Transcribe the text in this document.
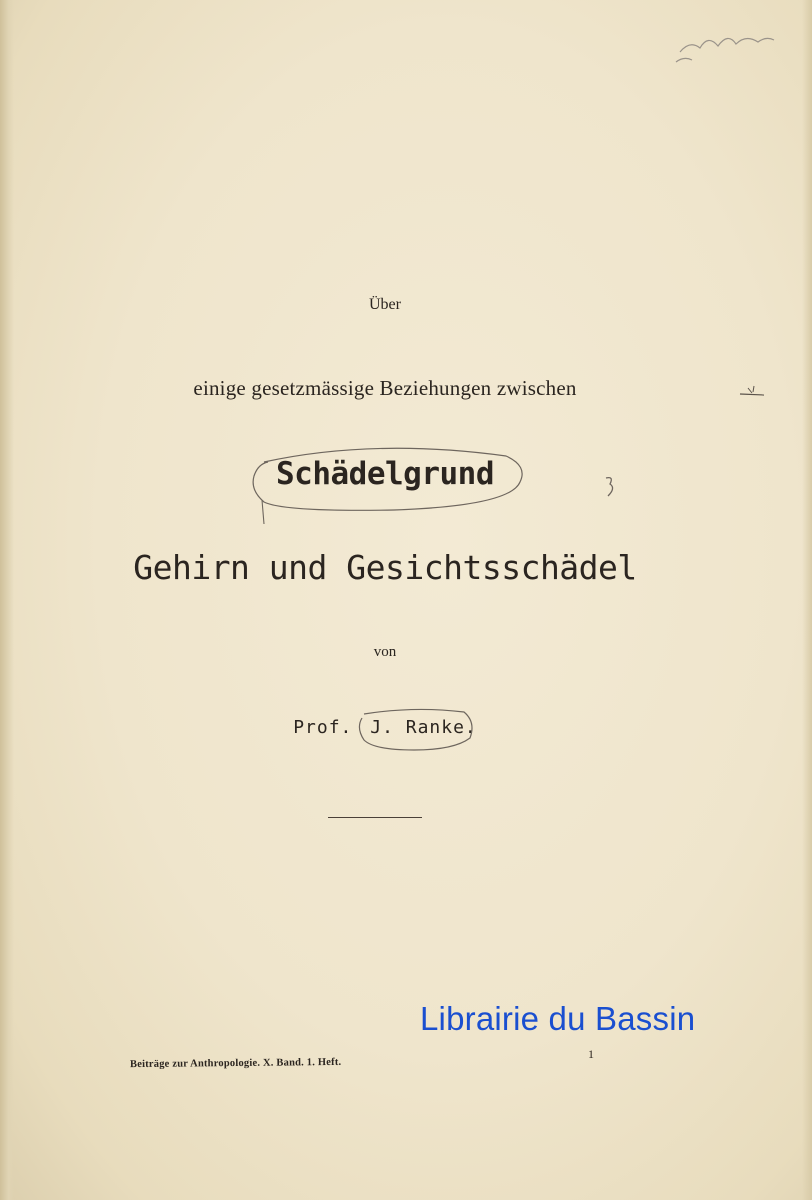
Über
einige gesetzmässige Beziehungen zwischen
Schädelgrund
Gehirn und Gesichtsschädel
von
Prof. J. Ranke.
Librairie du Bassin
1
Beiträge zur Anthropologie. X. Band. 1. Heft.
